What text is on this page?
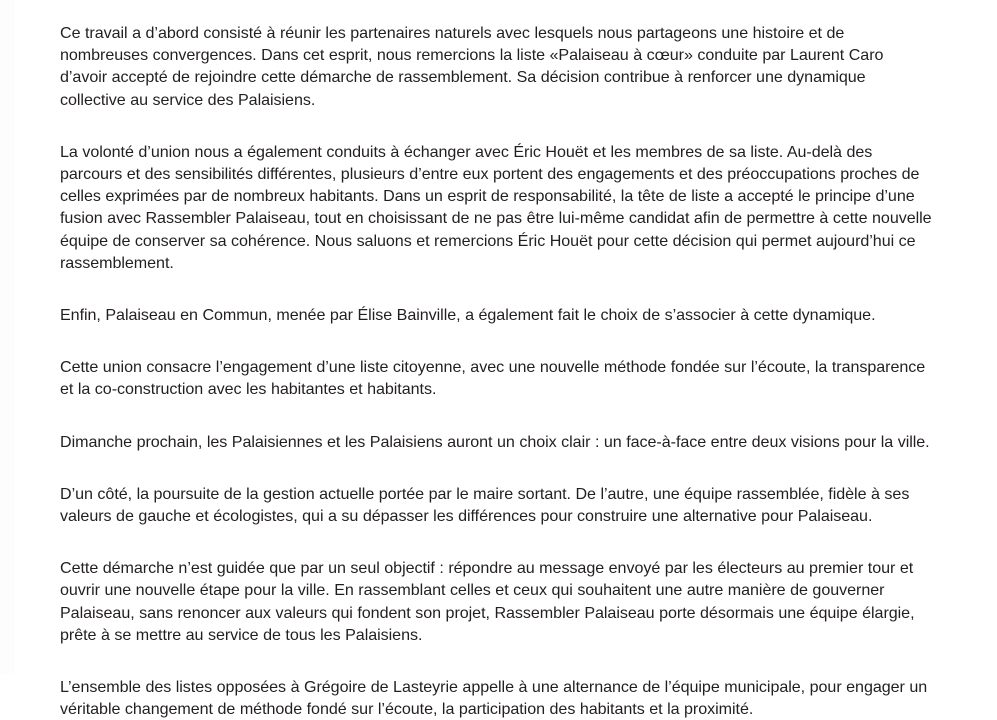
Ce travail a d’abord consisté à réunir les partenaires naturels avec lesquels nous partageons une histoire et de nombreuses convergences. Dans cet esprit, nous remercions la liste «Palaiseau à cœur» conduite par Laurent Caro d’avoir accepté de rejoindre cette démarche de rassemblement. Sa décision contribue à renforcer une dynamique collective au service des Palaisiens.

La volonté d’union nous a également conduits à échanger avec Éric Houët et les membres de sa liste. Au-delà des parcours et des sensibilités différentes, plusieurs d’entre eux portent des engagements et des préoccupations proches de celles exprimées par de nombreux habitants. Dans un esprit de responsabilité, la tête de liste a accepté le principe d’une fusion avec Rassembler Palaiseau, tout en choisissant de ne pas être lui-même candidat afin de permettre à cette nouvelle équipe de conserver sa cohérence. Nous saluons et remercions Éric Houët pour cette décision qui permet aujourd’hui ce rassemblement.

Enfin, Palaiseau en Commun, menée par Élise Bainville, a également fait le choix de s’associer à cette dynamique.

Cette union consacre l’engagement d’une liste citoyenne, avec une nouvelle méthode fondée sur l’écoute, la transparence et la co-construction avec les habitantes et habitants.

Dimanche prochain, les Palaisiennes et les Palaisiens auront un choix clair : un face-à-face entre deux visions pour la ville.

D’un côté, la poursuite de la gestion actuelle portée par le maire sortant. De l’autre, une équipe rassemblée, fidèle à ses valeurs de gauche et écologistes, qui a su dépasser les différences pour construire une alternative pour Palaiseau.

Cette démarche n’est guidée que par un seul objectif : répondre au message envoyé par les électeurs au premier tour et ouvrir une nouvelle étape pour la ville. En rassemblant celles et ceux qui souhaitent une autre manière de gouverner Palaiseau, sans renoncer aux valeurs qui fondent son projet, Rassembler Palaiseau porte désormais une équipe élargie, prête à se mettre au service de tous les Palaisiens.

L’ensemble des listes opposées à Grégoire de Lasteyrie appelle à une alternance de l’équipe municipale, pour engager un véritable changement de méthode fondé sur l’écoute, la participation des habitants et la proximité.
